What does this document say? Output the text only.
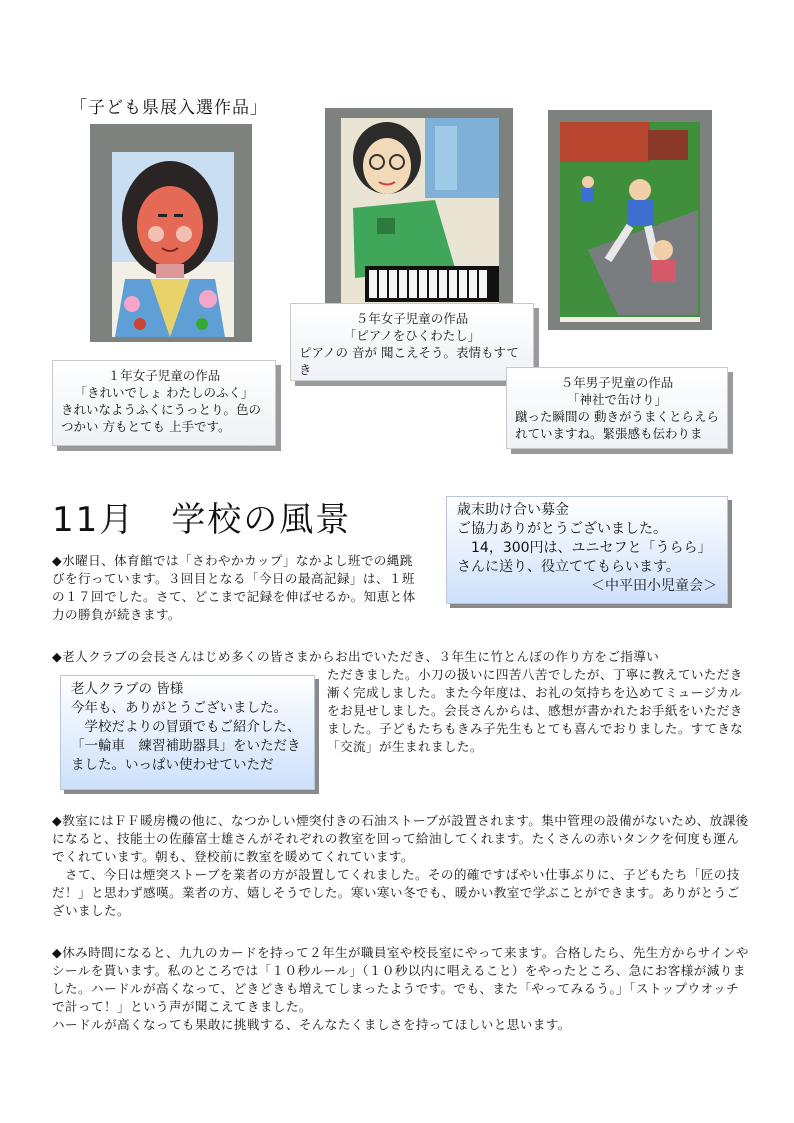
「子ども県展入選作品」
５年女子児童の作品
「ピアノをひくわたし」
ピアノの 音が 聞こえそう。表情もすてき
１年女子児童の作品
「きれいでしょ わたしのふく」
きれいなようふくにうっとり。色のつかい 方もとても 上手です。
５年男子児童の作品
「神社で缶けり」
蹴った瞬間の 動きがうまくとらえられていますね。緊張感も伝わりま
11月　学校の風景	歳末助け合い募金
ご協力ありがとうございました。
　14，300円は、ユニセフと「うらら」さんに送り、役立ててもらいます。
＜中平田小児童会＞

◆水曜日、体育館では「さわやかカップ」なかよし班での縄跳びを行っています。３回目となる「今日の最高記録」は、１班の１７回でした。さて、どこまで記録を伸ばせるか。知恵と体力の勝負が続きます。

◆老人クラブの会長さんはじめ多くの皆さまからお出でいただき、３年生に竹とんぼの作り方をご指導い

ただきました。小刀の扱いに四苦八苦でしたが、丁寧に教えていただき漸く完成しました。また今年度は、お礼の気持ちを込めてミュージカルをお見せしました。会長さんからは、感想が書かれたお手紙をいただきました。子どもたちもきみ子先生もとても喜んでおりました。すてきな「交流」が生まれました。

老人クラブの 皆様
今年も、ありがとうございました。
　学校だよりの冒頭でもご紹介した、「一輪車　練習補助器具」をいただきました。いっぱい使わせていただ

◆教室にはＦＦ暖房機の他に、なつかしい煙突付きの石油ストーブが設置されます。集中管理の設備がないため、放課後になると、技能士の佐藤富士雄さんがそれぞれの教室を回って給油してくれます。たくさんの赤いタンクを何度も運んでくれています。朝も、登校前に教室を暖めてくれています。

　さて、今日は煙突ストーブを業者の方が設置してくれました。その的確ですばやい仕事ぶりに、子どもたち「匠の技だ！」と思わず感嘆。業者の方、嬉しそうでした。寒い寒い冬でも、暖かい教室で学ぶことができます。ありがとうございました。

◆休み時間になると、九九のカードを持って２年生が職員室や校長室にやって来ます。合格したら、先生方からサインやシールを貰います。私のところでは「１０秒ルール」（１０秒以内に唱えること）をやったところ、急にお客様が減りました。ハードルが高くなって、どきどきも増えてしまったようです。でも、また「やってみるう。」「ストップウオッチで計って！」という声が聞こえてきました。

ハードルが高くなっても果敢に挑戦する、そんなたくましさを持ってほしいと思います。
